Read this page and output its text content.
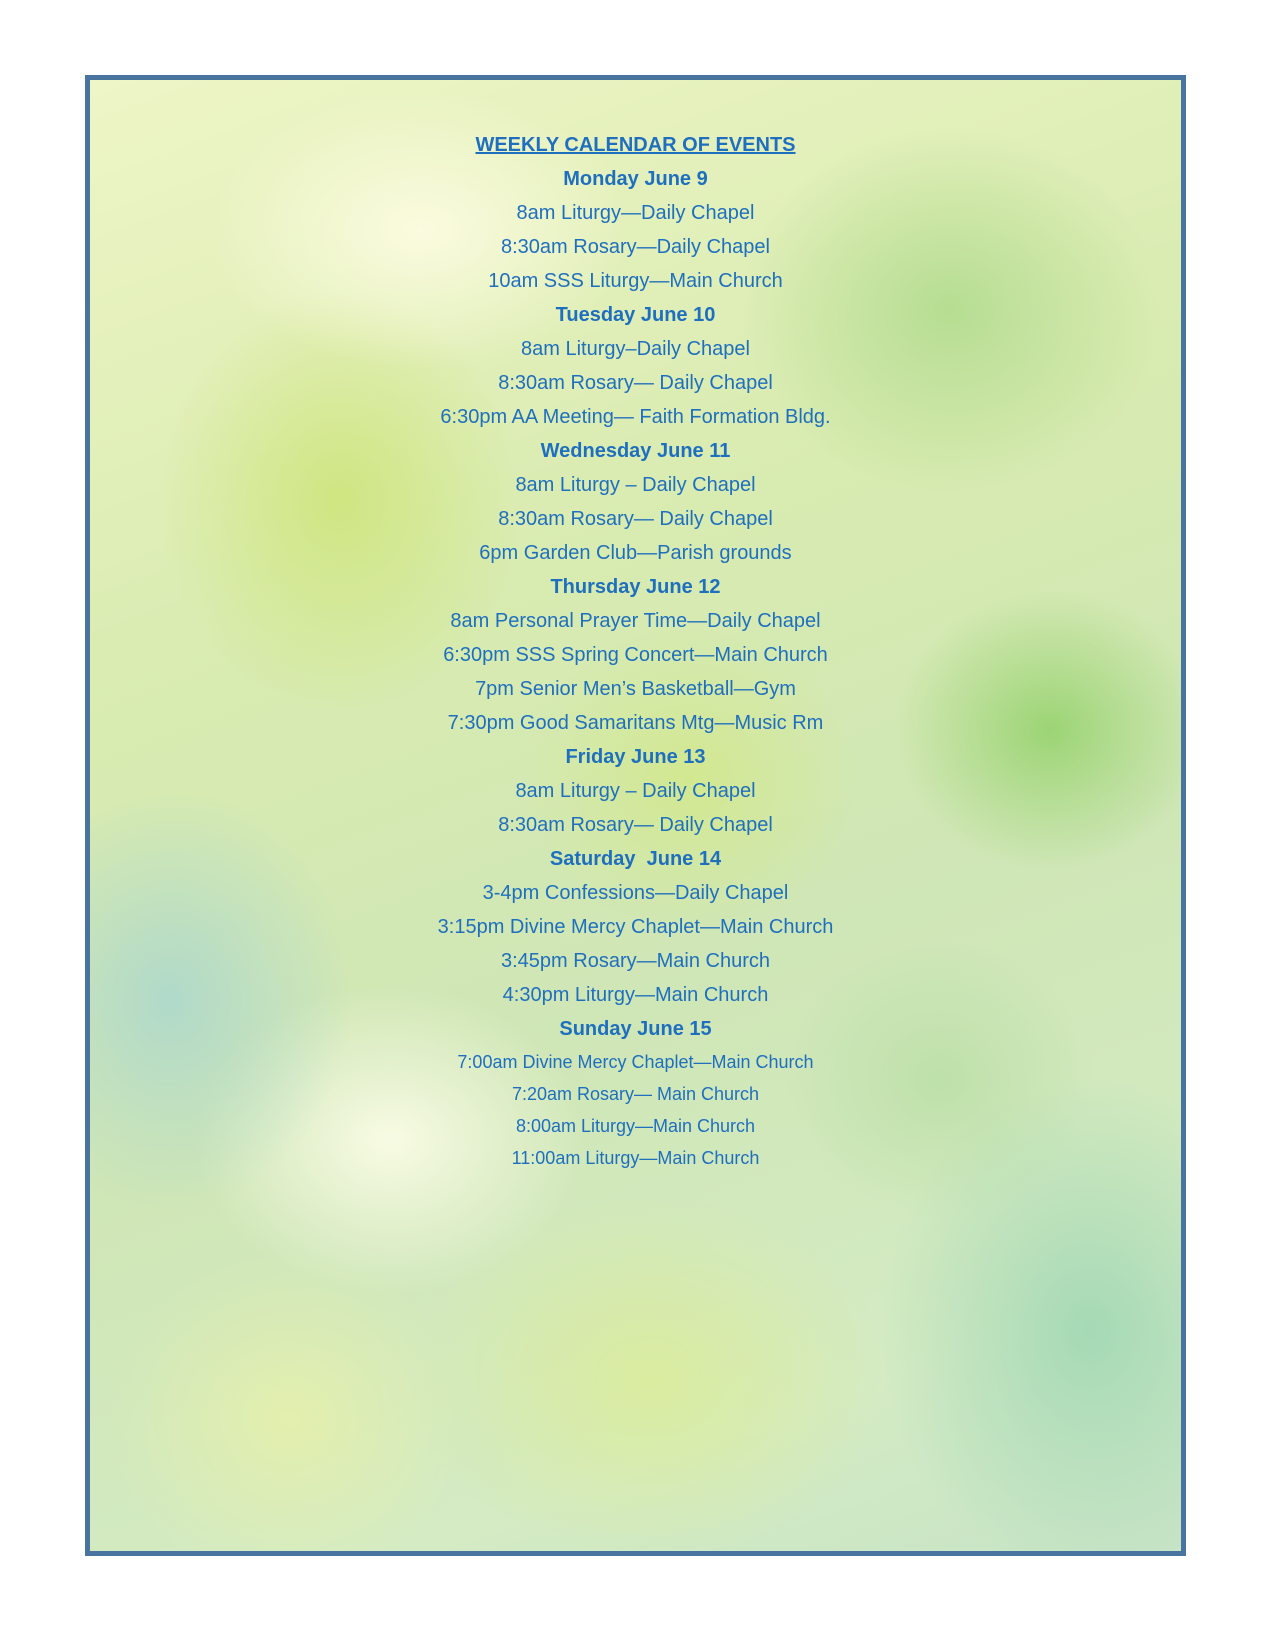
WEEKLY CALENDAR OF EVENTS

Monday June 9

8am Liturgy—Daily Chapel

8:30am Rosary—Daily Chapel

10am SSS Liturgy—Main Church

Tuesday June 10

8am Liturgy–Daily Chapel

8:30am Rosary— Daily Chapel

6:30pm AA Meeting— Faith Formation Bldg.

Wednesday June 11

8am Liturgy – Daily Chapel

8:30am Rosary— Daily Chapel

6pm Garden Club—Parish grounds

Thursday June 12

8am Personal Prayer Time—Daily Chapel

6:30pm SSS Spring Concert—Main Church

7pm Senior Men’s Basketball—Gym

7:30pm Good Samaritans Mtg—Music Rm

Friday June 13

8am Liturgy – Daily Chapel

8:30am Rosary— Daily Chapel

Saturday  June 14

3-4pm Confessions—Daily Chapel

3:15pm Divine Mercy Chaplet—Main Church

3:45pm Rosary—Main Church

4:30pm Liturgy—Main Church

Sunday June 15

7:00am Divine Mercy Chaplet—Main Church

7:20am Rosary— Main Church

8:00am Liturgy—Main Church

11:00am Liturgy—Main Church
